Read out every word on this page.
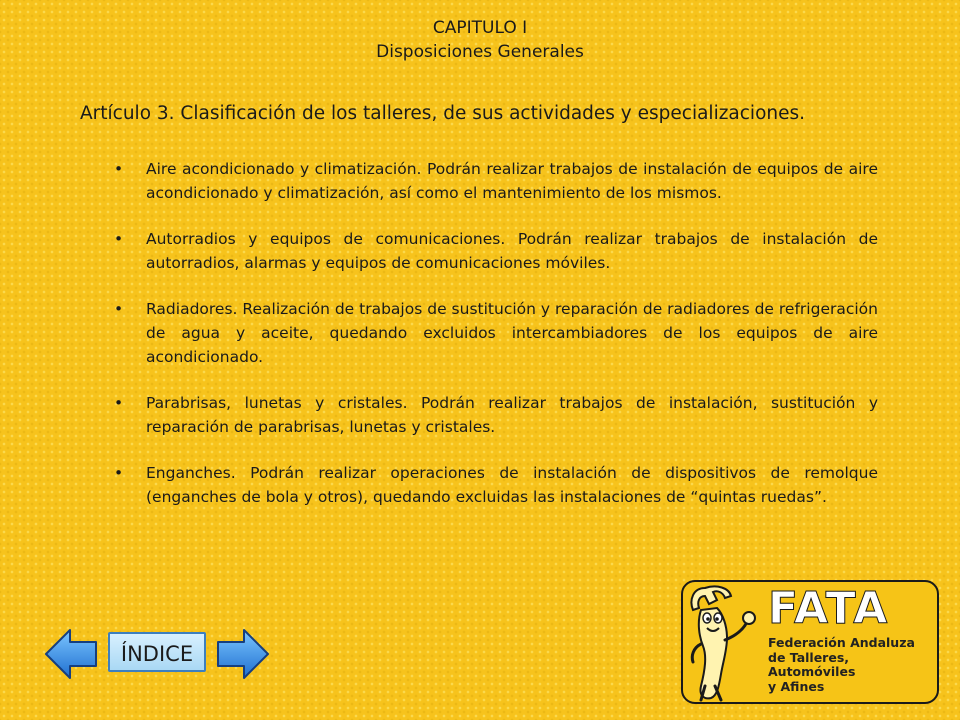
CAPITULO I
Disposiciones Generales
Artículo 3. Clasificación de los talleres, de sus actividades y especializaciones.
• Aire acondicionado y climatización. Podrán realizar trabajos de instalación de equipos de aire acondicionado y climatización, así como el mantenimiento de los mismos.
• Autorradios y equipos de comunicaciones. Podrán realizar trabajos de instalación de autorradios, alarmas y equipos de comunicaciones móviles.
• Radiadores. Realización de trabajos de sustitución y reparación de radiadores de refrigeración de agua y aceite, quedando excluidos intercambiadores de los equipos de aire acondicionado.
• Parabrisas, lunetas y cristales. Podrán realizar trabajos de instalación, sustitución y reparación de parabrisas, lunetas y cristales.
• Enganches. Podrán realizar operaciones de instalación de dispositivos de remolque (enganches de bola y otros), quedando excluidas las instalaciones de “quintas ruedas”.
ÍNDICE
FATA
Federación Andaluza
de Talleres, Automóviles
y Afines
